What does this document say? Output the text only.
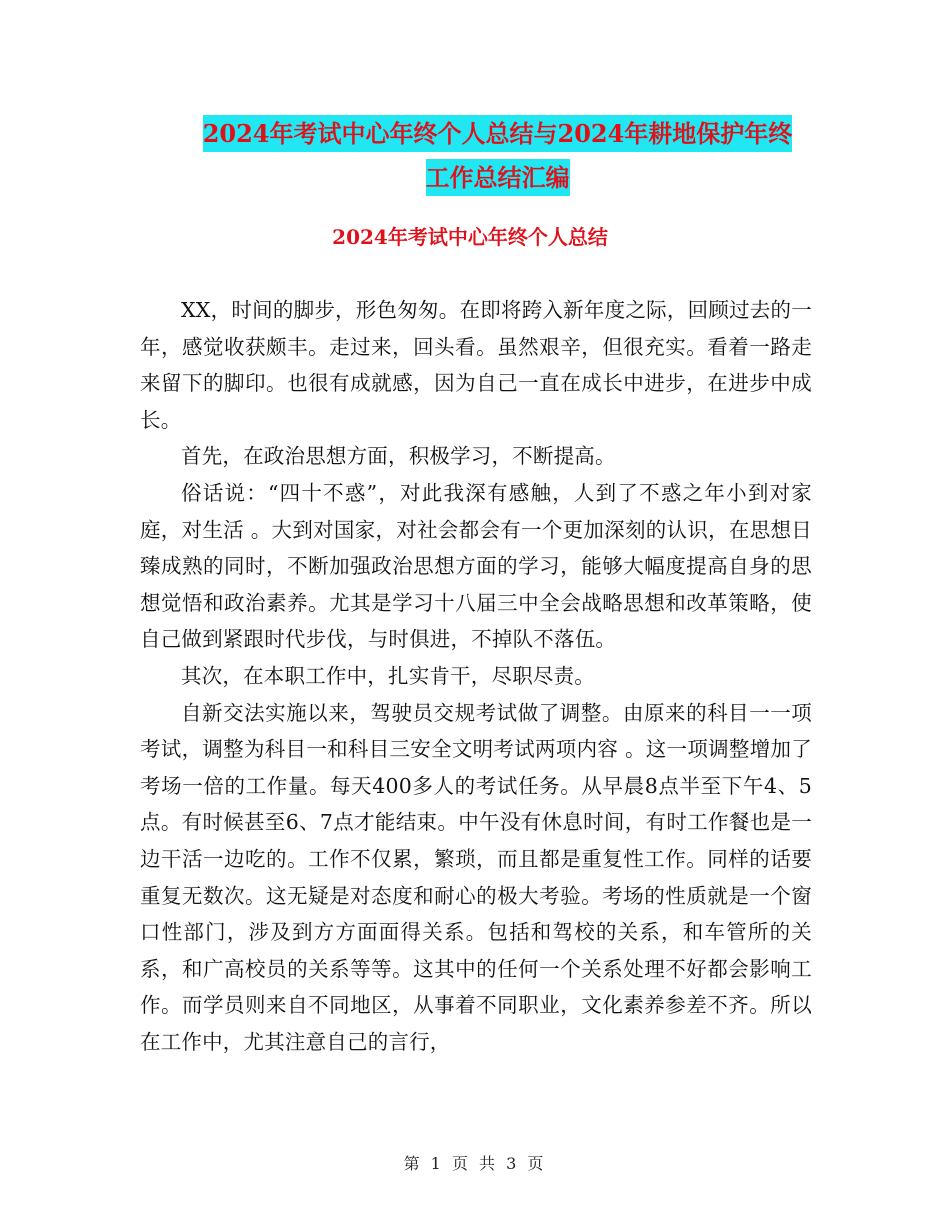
2024年考试中心年终个人总结与2024年耕地保护年终
工作总结汇编
2024年考试中心年终个人总结

XX，时间的脚步，形色匆匆。在即将跨入新年度之际，回顾过去的一年，感觉收获颇丰。走过来，回头看。虽然艰辛，但很充实。看着一路走来留下的脚印。也很有成就感，因为自己一直在成长中进步，在进步中成长。

首先，在政治思想方面，积极学习，不断提高。

俗话说：“四十不惑”，对此我深有感触，人到了不惑之年小到对家庭，对生活 。大到对国家，对社会都会有一个更加深刻的认识，在思想日臻成熟的同时，不断加强政治思想方面的学习，能够大幅度提高自身的思想觉悟和政治素养。尤其是学习十八届三中全会战略思想和改革策略，使自己做到紧跟时代步伐，与时俱进，不掉队不落伍。

其次，在本职工作中，扎实肯干，尽职尽责。

自新交法实施以来，驾驶员交规考试做了调整。由原来的科目一一项考试，调整为科目一和科目三安全文明考试两项内容 。这一项调整增加了考场一倍的工作量。每天400多人的考试任务。从早晨8点半至下午4、5点。有时候甚至6、7点才能结束。中午没有休息时间，有时工作餐也是一边干活一边吃的。工作不仅累，繁琐，而且都是重复性工作。同样的话要重复无数次。这无疑是对态度和耐心的极大考验。考场的性质就是一个窗口性部门，涉及到方方面面得关系。包括和驾校的关系，和车管所的关系，和广高校员的关系等等。这其中的任何一个关系处理不好都会影响工作。而学员则来自不同地区，从事着不同职业，文化素养参差不齐。所以在工作中，尤其注意自己的言行，

第 1 页 共 3 页
